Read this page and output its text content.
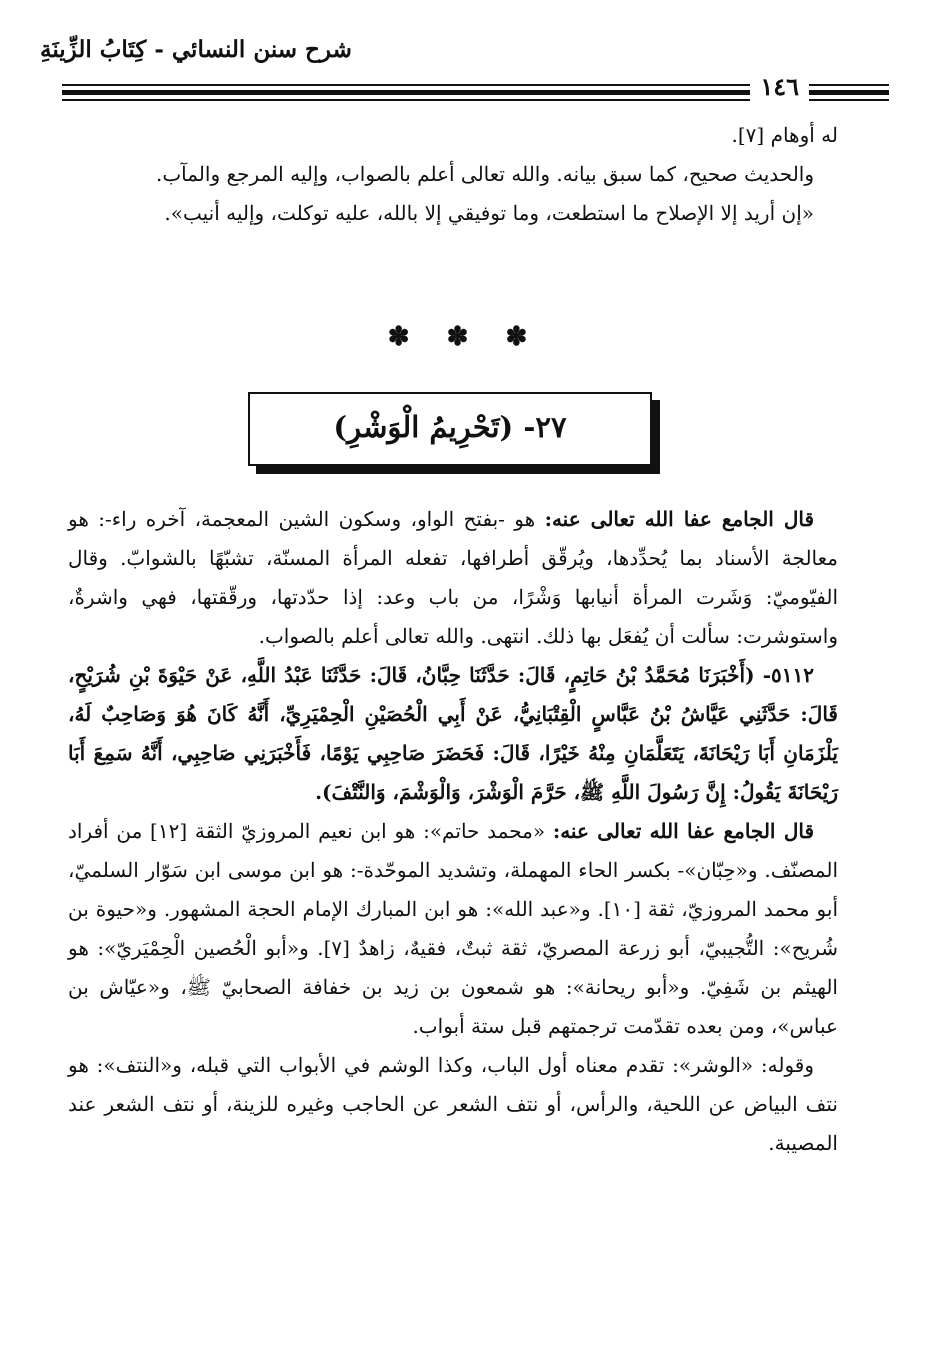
شرح سنن النسائي - كِتَابُ الزِّينَةِ
١٤٦

له أوهام [٧].

والحديث صحيح، كما سبق بيانه. والله تعالى أعلم بالصواب، وإليه المرجع والمآب.

«إن أريد إلا الإصلاح ما استطعت، وما توفيقي إلا بالله، عليه توكلت، وإليه أنيب».

✽ ✽ ✽
٢٧- (تَحْرِيمُ الْوَشْرِ)

قال الجامع عفا الله تعالى عنه: هو -بفتح الواو، وسكون الشين المعجمة، آخره راء-: هو معالجة الأسناد بما يُحدِّدها، ويُرقّق أطرافها، تفعله المرأة المسنّة، تشبّهًا بالشوابّ. وقال الفيّوميّ: وَشَرت المرأة أنيابها وَشْرًا، من باب وعد: إذا حدّدتها، ورقّقتها، فهي واشرةٌ، واستوشرت: سألت أن يُفعَل بها ذلك. انتهى. والله تعالى أعلم بالصواب.

٥١١٢- (أَخْبَرَنَا مُحَمَّدُ بْنُ حَاتِمٍ، قَالَ: حَدَّثَنَا حِبَّانُ، قَالَ: حَدَّثَنَا عَبْدُ اللَّهِ، عَنْ حَيْوَةَ بْنِ شُرَيْحٍ، قَالَ: حَدَّثَنِي عَيَّاشُ بْنُ عَبَّاسٍ الْقِتْبَانِيُّ، عَنْ أَبِي الْحُصَيْنِ الْحِمْيَرِيِّ، أَنَّهُ كَانَ هُوَ وَصَاحِبٌ لَهُ، يَلْزَمَانِ أَبَا رَيْحَانَةَ، يَتَعَلَّمَانِ مِنْهُ خَيْرًا، قَالَ: فَحَضَرَ صَاحِبِي يَوْمًا، فَأَخْبَرَنِي صَاحِبِي، أَنَّهُ سَمِعَ أَبَا رَيْحَانَةَ يَقُولُ: إِنَّ رَسُولَ اللَّهِ ﷺ، حَرَّمَ الْوَشْرَ، وَالْوَشْمَ، وَالنَّتْفَ).

قال الجامع عفا الله تعالى عنه: «محمد حاتم»: هو ابن نعيم المروزيّ الثقة [١٢] من أفراد المصنّف. و«حِبّان»- بكسر الحاء المهملة، وتشديد الموحّدة-: هو ابن موسى ابن سَوّار السلميّ، أبو محمد المروزيّ، ثقة [١٠]. و«عبد الله»: هو ابن المبارك الإمام الحجة المشهور. و«حيوة بن شُريح»: التُّجيبيّ، أبو زرعة المصريّ، ثقة ثبتٌ، فقيهٌ، زاهدٌ [٧]. و«أبو الْحُصين الْحِمْيَريّ»: هو الهيثم بن شَفِيّ. و«أبو ريحانة»: هو شمعون بن زيد بن خفافة الصحابيّ ﷺ، و«عيّاش بن عباس»، ومن بعده تقدّمت ترجمتهم قبل ستة أبواب.

وقوله: «الوشر»: تقدم معناه أول الباب، وكذا الوشم في الأبواب التي قبله، و«النتف»: هو نتف البياض عن اللحية، والرأس، أو نتف الشعر عن الحاجب وغيره للزينة، أو نتف الشعر عند المصيبة.
